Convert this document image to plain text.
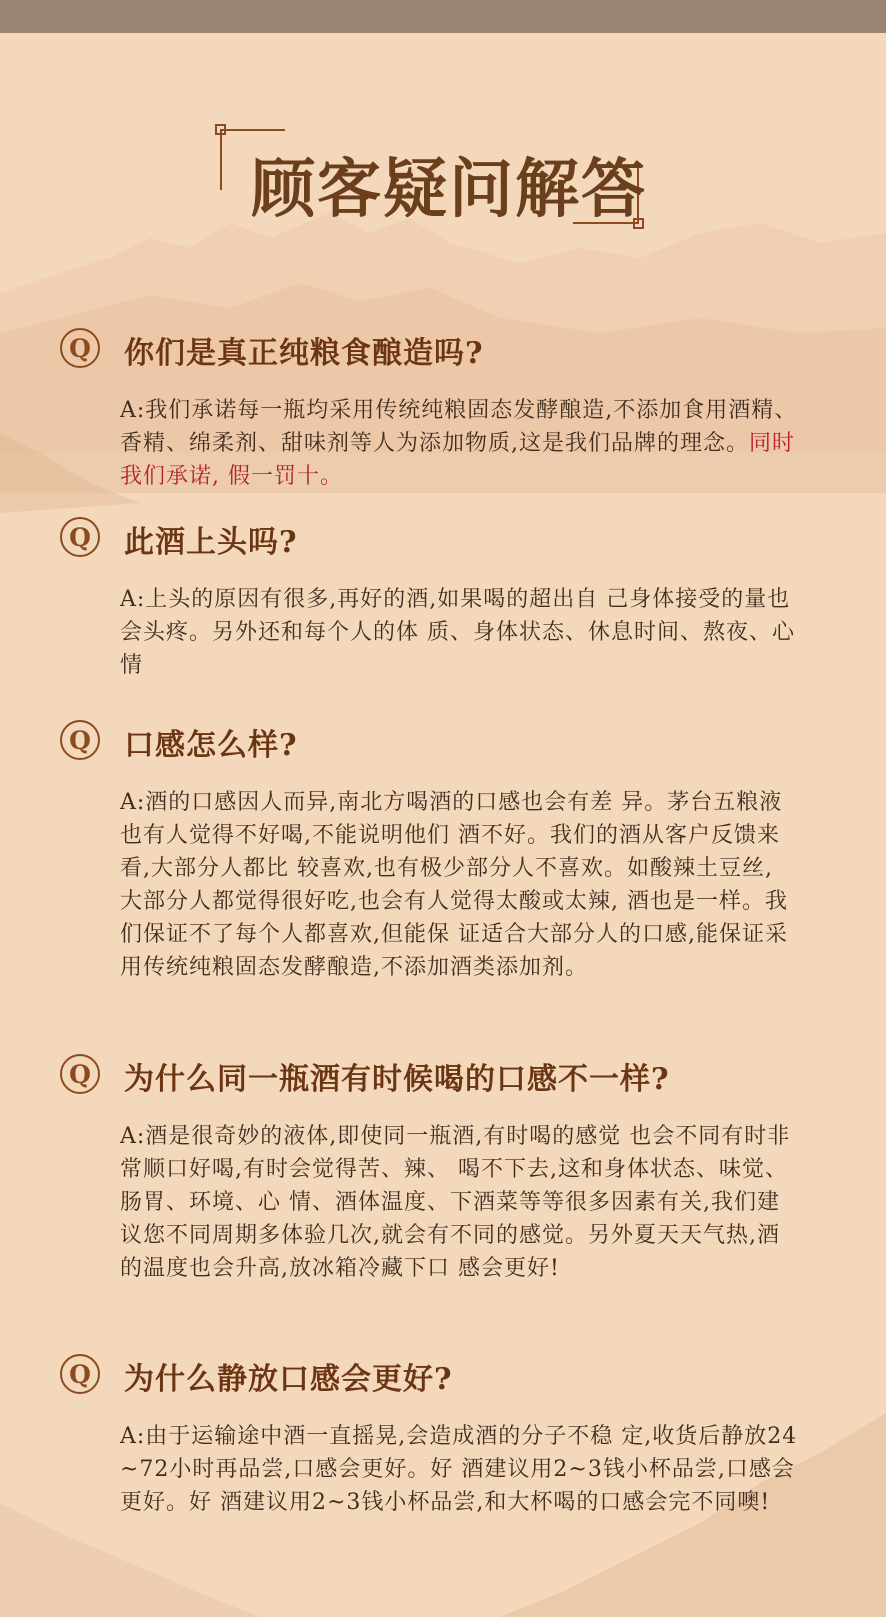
顾客疑问解答
Q	你们是真正纯粮食酿造吗?
A:我们承诺每一瓶均采用传统纯粮固态发酵酿造,不添加食用酒精、香精、绵柔剂、甜味剂等人为添加物质,这是我们品牌的理念。同时我们承诺, 假一罚十。
Q	此酒上头吗?
A:上头的原因有很多,再好的酒,如果喝的超出自 己身体接受的量也会头疼。另外还和每个人的体 质、身体状态、休息时间、熬夜、心情
Q	口感怎么样?
A:酒的口感因人而异,南北方喝酒的口感也会有差 异。茅台五粮液也有人觉得不好喝,不能说明他们 酒不好。我们的酒从客户反馈来看,大部分人都比 较喜欢,也有极少部分人不喜欢。如酸辣土豆丝, 大部分人都觉得很好吃,也会有人觉得太酸或太辣, 酒也是一样。我们保证不了每个人都喜欢,但能保 证适合大部分人的口感,能保证采用传统纯粮固态发酵酿造,不添加酒类添加剂。
Q	为什么同一瓶酒有时候喝的口感不一样?
A:酒是很奇妙的液体,即使同一瓶酒,有时喝的感觉 也会不同有时非常顺口好喝,有时会觉得苦、辣、 喝不下去,这和身体状态、味觉、肠胃、环境、心 情、酒体温度、下酒菜等等很多因素有关,我们建 议您不同周期多体验几次,就会有不同的感觉。另外夏天天气热,酒的温度也会升高,放冰箱冷藏下口 感会更好!
Q	为什么静放口感会更好?
A:由于运输途中酒一直摇晃,会造成酒的分子不稳 定,收货后静放24~72小时再品尝,口感会更好。好 酒建议用2~3钱小杯品尝,口感会更好。好 酒建议用2~3钱小杯品尝,和大杯喝的口感会完不同噢!
